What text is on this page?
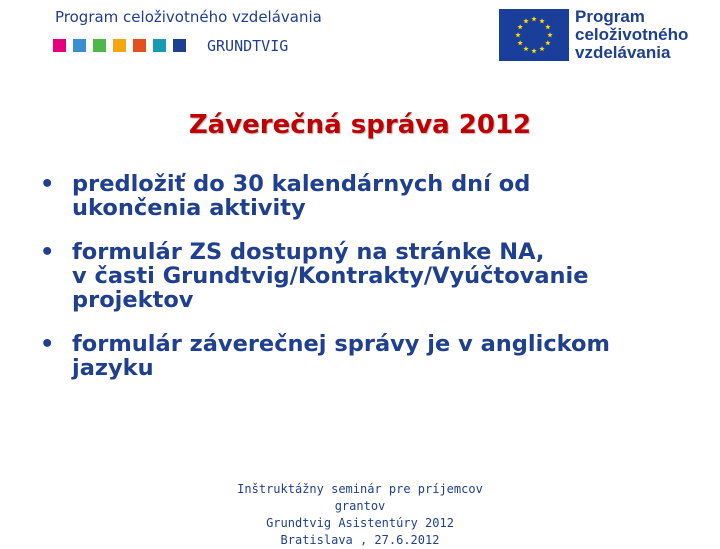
Program celoživotného vzdelávania
GRUNDTVIG
Program
celoživotného
vzdelávania
Záverečná správa 2012
• predložiť do 30 kalendárnych dní od
ukončenia aktivity
• formulár ZS dostupný na stránke NA,
v časti Grundtvig/Kontrakty/Vyúčtovanie
projektov
• formulár záverečnej správy je v anglickom
jazyku
Inštruktážny seminár pre príjemcov grantov
Grundtvig Asistentúry 2012
Bratislava , 27.6.2012
